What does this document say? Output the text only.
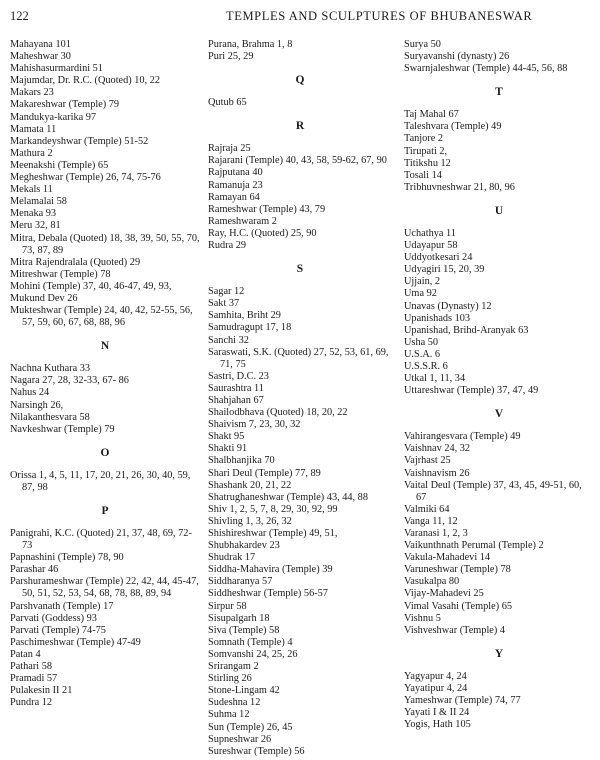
122	TEMPLES AND SCULPTURES OF BHUBANESWAR
Mahayana 101
Maheshwar 30
Mahishasurmardini 51
Majumdar, Dr. R.C. (Quoted) 10, 22
Makars 23
Makareshwar (Temple) 79
Mandukya-karika 97
Mamata 11
Markandeyshwar (Temple) 51-52
Mathura 2
Meenakshi (Temple) 65
Megheshwar (Temple) 26, 74, 75-76
Mekals 11
Melamalai 58
Menaka 93
Meru 32, 81
Mitra, Debala (Quoted) 18, 38, 39, 50, 55, 70, 73, 87, 89
Mitra Rajendralala (Quoted) 29
Mitreshwar (Temple) 78
Mohini (Temple) 37, 40, 46-47, 49, 93,
Mukund Dev 26
Mukteshwar (Temple) 24, 40, 42, 52-55, 56, 57, 59, 60, 67, 68, 88, 96
N
Nachna Kuthara 33
Nagara 27, 28, 32-33, 67- 86
Nahus 24
Narsingh 26,
Nilakanthesvara 58
Navkeshwar (Temple) 79
O
Orissa 1, 4, 5, 11, 17, 20, 21, 26, 30, 40, 59, 87, 98
P
Panigrahi, K.C. (Quoted) 21, 37, 48, 69, 72-73
Papnashini (Temple) 78, 90
Parashar 46
Parshurameshwar (Temple) 22, 42, 44, 45-47, 50, 51, 52, 53, 54, 68, 78, 88, 89, 94
Parshvanath (Temple) 17
Parvati (Goddess) 93
Parvati (Temple) 74-75
Paschimeshwar (Temple) 47-49
Patan 4
Pathari 58
Pramadi 57
Pulakesin II 21
Pundra 12
Purana, Brahma 1, 8
Puri 25, 29
Q
Qutub 65
R
Rajraja 25
Rajarani (Temple) 40, 43, 58, 59-62, 67, 90
Rajputana 40
Ramanuja 23
Ramayan 64
Rameshwar (Temple) 43, 79
Rameshwaram 2
Ray, H.C. (Quoted) 25, 90
Rudra 29
S
Sagar 12
Sakt 37
Samhita, Briht 29
Samudragupt 17, 18
Sanchi 32
Saraswati, S.K. (Quoted) 27, 52, 53, 61, 69, 71, 75
Sastri, D.C. 23
Saurashtra 11
Shahjahan 67
Shailodbhava (Quoted) 18, 20, 22
Shaivism 7, 23, 30, 32
Shakt 95
Shakti 91
Shalbhanjika 70
Shari Deul (Temple) 77, 89
Shashank 20, 21, 22
Shatrughaneshwar (Temple) 43, 44, 88
Shiv 1, 2, 5, 7, 8, 29, 30, 92, 99
Shivling 1, 3, 26, 32
Shishireshwar (Temple) 49, 51,
Shubhakardev 23
Shudrak 17
Siddha-Mahavira (Temple) 39
Siddharanya 57
Siddheshwar (Temple) 56-57
Sirpur 58
Sisupalgarh 18
Siva (Temple) 58
Somnath (Temple) 4
Somvanshi 24, 25, 26
Srirangam 2
Stirling 26
Stone-Lingam 42
Sudeshna 12
Suhma 12
Sun (Temple) 26, 45
Supneshwar 26
Sureshwar (Temple) 56
Surya 50
Suryavanshi (dynasty) 26
Swarnjaleshwar (Temple) 44-45, 56, 88
T
Taj Mahal 67
Taleshvara (Temple) 49
Tanjore 2
Tirupati 2,
Titikshu 12
Tosali 14
Tribhuvneshwar 21, 80, 96
U
Uchathya 11
Udayapur 58
Uddyotkesari 24
Udyagiri 15, 20, 39
Ujjain, 2
Uma 92
Unavas (Dynasty) 12
Upanishads 103
Upanishad, Brihd-Aranyak 63
Usha 50
U.S.A. 6
U.S.S.R. 6
Utkal 1, 11, 34
Uttareshwar (Temple) 37, 47, 49
V
Vahirangesvara (Temple) 49
Vaishnav 24, 32
Vajrhast 25
Vaishnavism 26
Vaital Deul (Temple) 37, 43, 45, 49-51, 60, 67
Valmiki 64
Vanga 11, 12
Varanasi 1, 2, 3
Vaikunthnath Perumal (Temple) 2
Vakula-Mahadevi 14
Varuneshwar (Temple) 78
Vasukalpa 80
Vijay-Mahadevi 25
Vimal Vasahi (Temple) 65
Vishnu 5
Vishveshwar (Temple) 4
Y
Yagyapur 4, 24
Yayatipur 4, 24
Yameshwar (Temple) 74, 77
Yayati I & II 24
Yogis, Hath 105
